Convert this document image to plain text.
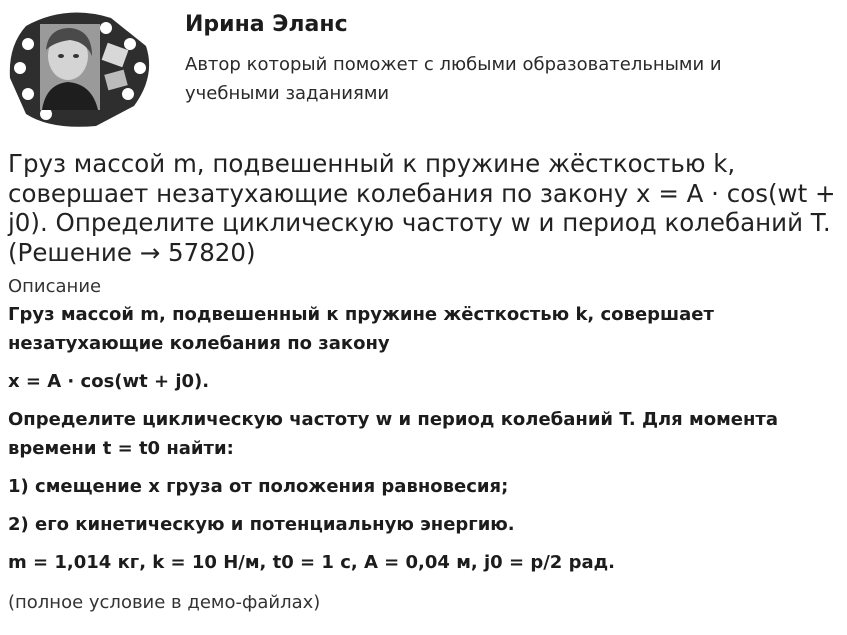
Ирина Эланс
Автор который поможет с любыми образовательными и учебными заданиями
Груз массой m, подвешенный к пружине жёсткостью k, совершает незатухающие колебания по закону x = A · cos(wt + j0). Определите циклическую частоту w и период колебаний T. (Решение → 57820)
Описание

Груз массой m, подвешенный к пружине жёсткостью k, совершает незатухающие колебания по закону

x = A · cos(wt + j0).

Определите циклическую частоту w и период колебаний T. Для момента времени t = t0 найти:

1) смещение x груза от положения равновесия;

2) его кинетическую и потенциальную энергию.

m = 1,014 кг, k = 10 Н/м, t0 = 1 с, A = 0,04 м, j0 = p/2 рад.

(полное условие в демо-файлах)
